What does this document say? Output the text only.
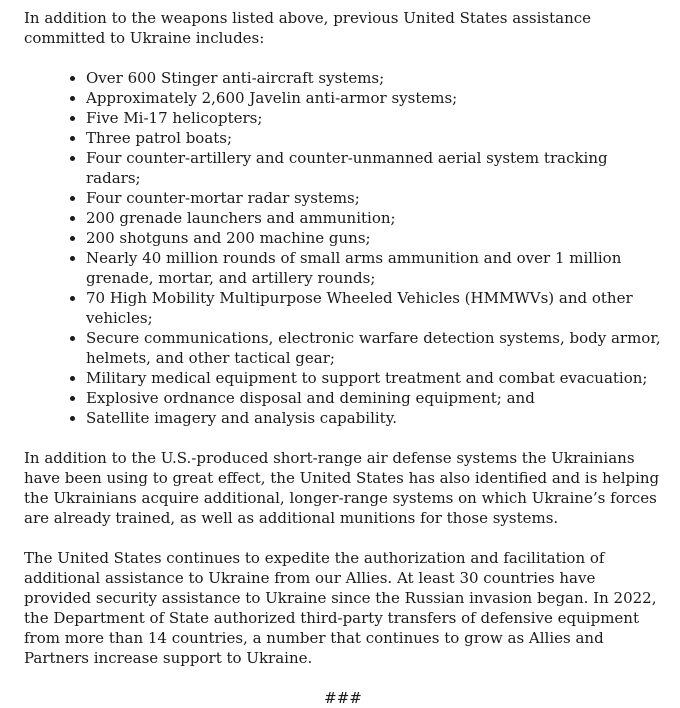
In addition to the weapons listed above, previous United States assistance committed to Ukraine includes:

• Over 600 Stinger anti-aircraft systems;
• Approximately 2,600 Javelin anti-armor systems;
• Five Mi-17 helicopters;
• Three patrol boats;
• Four counter-artillery and counter-unmanned aerial system tracking radars;
• Four counter-mortar radar systems;
• 200 grenade launchers and ammunition;
• 200 shotguns and 200 machine guns;
• Nearly 40 million rounds of small arms ammunition and over 1 million grenade, mortar, and artillery rounds;
• 70 High Mobility Multipurpose Wheeled Vehicles (HMMWVs) and other vehicles;
• Secure communications, electronic warfare detection systems, body armor, helmets, and other tactical gear;
• Military medical equipment to support treatment and combat evacuation;
• Explosive ordnance disposal and demining equipment; and
• Satellite imagery and analysis capability.

In addition to the U.S.-produced short-range air defense systems the Ukrainians have been using to great effect, the United States has also identified and is helping the Ukrainians acquire additional, longer-range systems on which Ukraine’s forces are already trained, as well as additional munitions for those systems.

The United States continues to expedite the authorization and facilitation of additional assistance to Ukraine from our Allies. At least 30 countries have provided security assistance to Ukraine since the Russian invasion began. In 2022, the Department of State authorized third-party transfers of defensive equipment from more than 14 countries, a number that continues to grow as Allies and Partners increase support to Ukraine.

###
